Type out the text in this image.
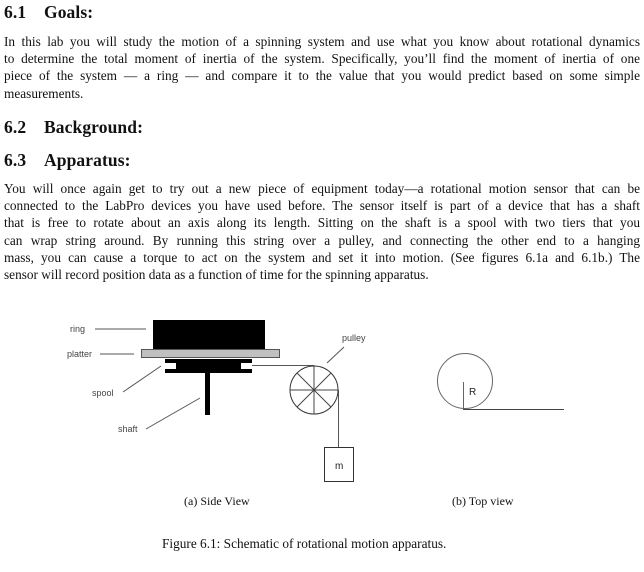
6.1 Goals:
In this lab you will study the motion of a spinning system and use what you know about rotational dynamics
to determine the total moment of inertia of the system. Specifically, you’ll find the moment of inertia of one
piece of the system — a ring — and compare it to the value that you would predict based on some simple
measurements.
6.2 Background:
6.3 Apparatus:
You will once again get to try out a new piece of equipment today—a rotational motion sensor that can be
connected to the LabPro devices you have used before. The sensor itself is part of a device that has a shaft
that is free to rotate about an axis along its length. Sitting on the shaft is a spool with two tiers that you
can wrap string around. By running this string over a pulley, and connecting the other end to a hanging
mass, you can cause a torque to act on the system and set it into motion. (See figures 6.1a and 6.1b.) The
sensor will record position data as a function of time for the spinning apparatus.
ring
platter
spool
shaft
pulley
m
R
(a) Side View	(b) Top view
Figure 6.1: Schematic of rotational motion apparatus.
